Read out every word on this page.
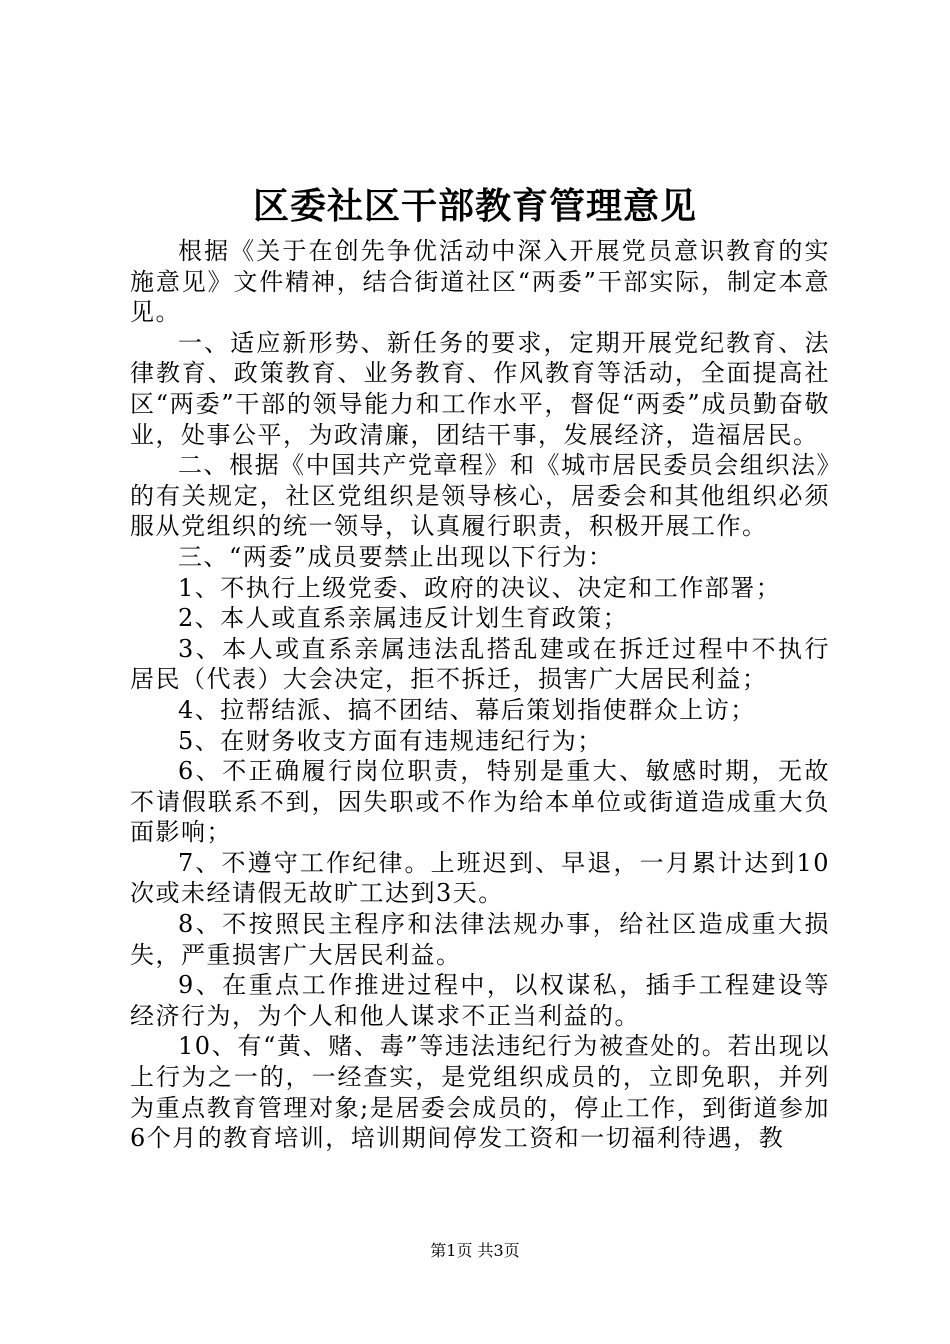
区委社区干部教育管理意见

根据《关于在创先争优活动中深入开展党员意识教育的实施意见》文件精神，结合街道社区“两委”干部实际，制定本意见。

一、适应新形势、新任务的要求，定期开展党纪教育、法律教育、政策教育、业务教育、作风教育等活动，全面提高社区“两委”干部的领导能力和工作水平，督促“两委”成员勤奋敬业，处事公平，为政清廉，团结干事，发展经济，造福居民。

二、根据《中国共产党章程》和《城市居民委员会组织法》的有关规定，社区党组织是领导核心，居委会和其他组织必须服从党组织的统一领导，认真履行职责，积极开展工作。

三、“两委”成员要禁止出现以下行为：

1、不执行上级党委、政府的决议、决定和工作部署；

2、本人或直系亲属违反计划生育政策；

3、本人或直系亲属违法乱搭乱建或在拆迁过程中不执行居民（代表）大会决定，拒不拆迁，损害广大居民利益；

4、拉帮结派、搞不团结、幕后策划指使群众上访；

5、在财务收支方面有违规违纪行为；

6、不正确履行岗位职责，特别是重大、敏感时期，无故不请假联系不到，因失职或不作为给本单位或街道造成重大负面影响；

7、不遵守工作纪律。上班迟到、早退，一月累计达到10次或未经请假无故旷工达到3天。

8、不按照民主程序和法律法规办事，给社区造成重大损失，严重损害广大居民利益。

9、在重点工作推进过程中，以权谋私，插手工程建设等经济行为，为个人和他人谋求不正当利益的。

10、有“黄、赌、毒”等违法违纪行为被查处的。若出现以上行为之一的，一经查实，是党组织成员的，立即免职，并列为重点教育管理对象;是居委会成员的，停止工作，到街道参加6个月的教育培训，培训期间停发工资和一切福利待遇，教

第1页 共3页
